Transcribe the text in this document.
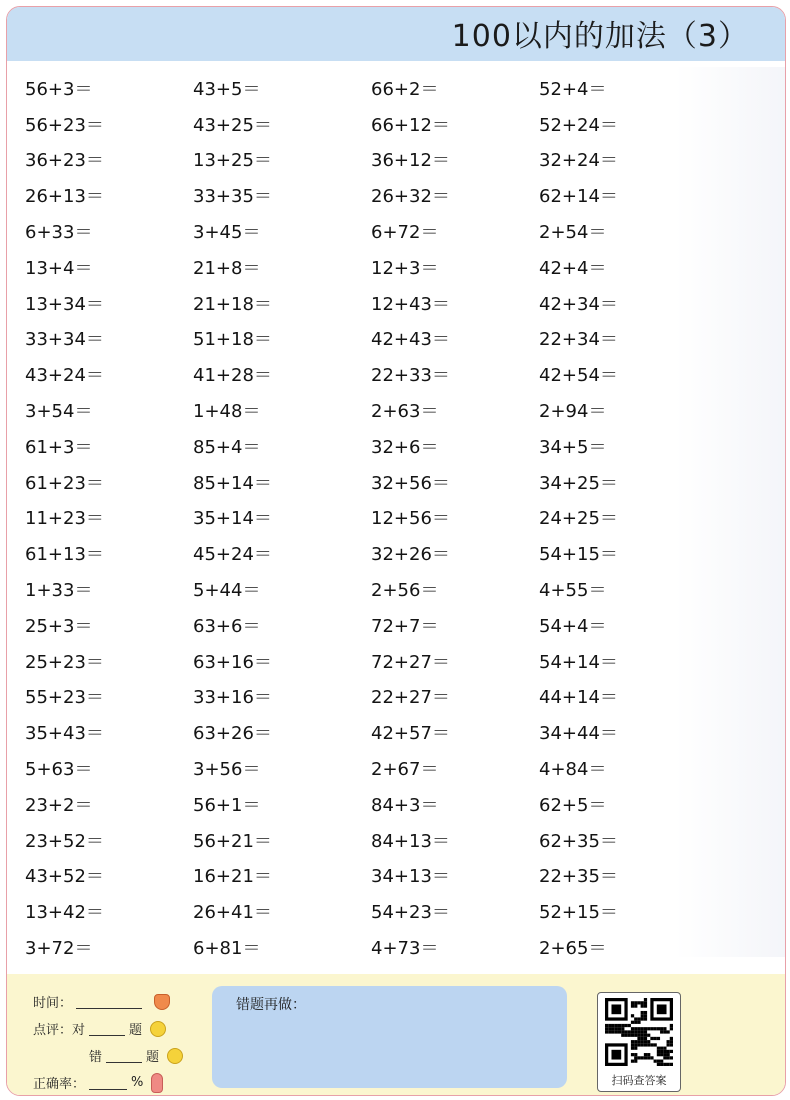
100以内的加法（3）
56+3＝	43+5＝	66+2＝	52+4＝
56+23＝	43+25＝	66+12＝	52+24＝
36+23＝	13+25＝	36+12＝	32+24＝
26+13＝	33+35＝	26+32＝	62+14＝
6+33＝	3+45＝	6+72＝	2+54＝
13+4＝	21+8＝	12+3＝	42+4＝
13+34＝	21+18＝	12+43＝	42+34＝
33+34＝	51+18＝	42+43＝	22+34＝
43+24＝	41+28＝	22+33＝	42+54＝
3+54＝	1+48＝	2+63＝	2+94＝
61+3＝	85+4＝	32+6＝	34+5＝
61+23＝	85+14＝	32+56＝	34+25＝
11+23＝	35+14＝	12+56＝	24+25＝
61+13＝	45+24＝	32+26＝	54+15＝
1+33＝	5+44＝	2+56＝	4+55＝
25+3＝	63+6＝	72+7＝	54+4＝
25+23＝	63+16＝	72+27＝	54+14＝
55+23＝	33+16＝	22+27＝	44+14＝
35+43＝	63+26＝	42+57＝	34+44＝
5+63＝	3+56＝	2+67＝	4+84＝
23+2＝	56+1＝	84+3＝	62+5＝
23+52＝	56+21＝	84+13＝	62+35＝
43+52＝	16+21＝	34+13＝	22+35＝
13+42＝	26+41＝	54+23＝	52+15＝
3+72＝	6+81＝	4+73＝	2+65＝
时间：
点评： 对	题
错	题
正确率：	%
错题再做：
扫码查答案
